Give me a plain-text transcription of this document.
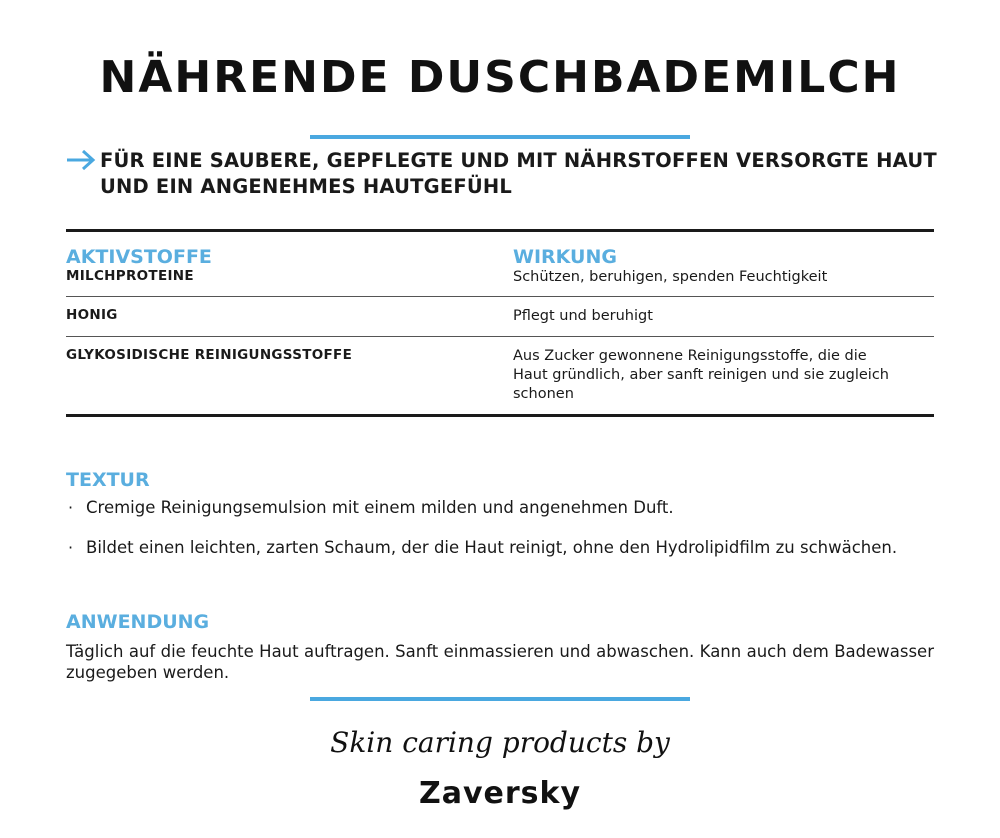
NÄHRENDE DUSCHBADEMILCH
FÜR EINE SAUBERE, GEPFLEGTE UND MIT NÄHRSTOFFEN VERSORGTE HAUT UND EIN ANGENEHMES HAUTGEFÜHL
AKTIVSTOFFE	WIRKUNG
MILCHPROTEINE	Schützen, beruhigen, spenden Feuchtigkeit
HONIG	Pflegt und beruhigt
GLYKOSIDISCHE REINIGUNGSSTOFFE	Aus Zucker gewonnene Reinigungsstoffe, die die Haut gründlich, aber sanft reinigen und sie zugleich schonen
TEXTUR
· Cremige Reinigungsemulsion mit einem milden und angenehmen Duft.
· Bildet einen leichten, zarten Schaum, der die Haut reinigt, ohne den Hydrolipidfilm zu schwächen.
ANWENDUNG
Täglich auf die feuchte Haut auftragen. Sanft einmassieren und abwaschen. Kann auch dem Badewasser zugegeben werden.
Skin caring products by
Zaversky
